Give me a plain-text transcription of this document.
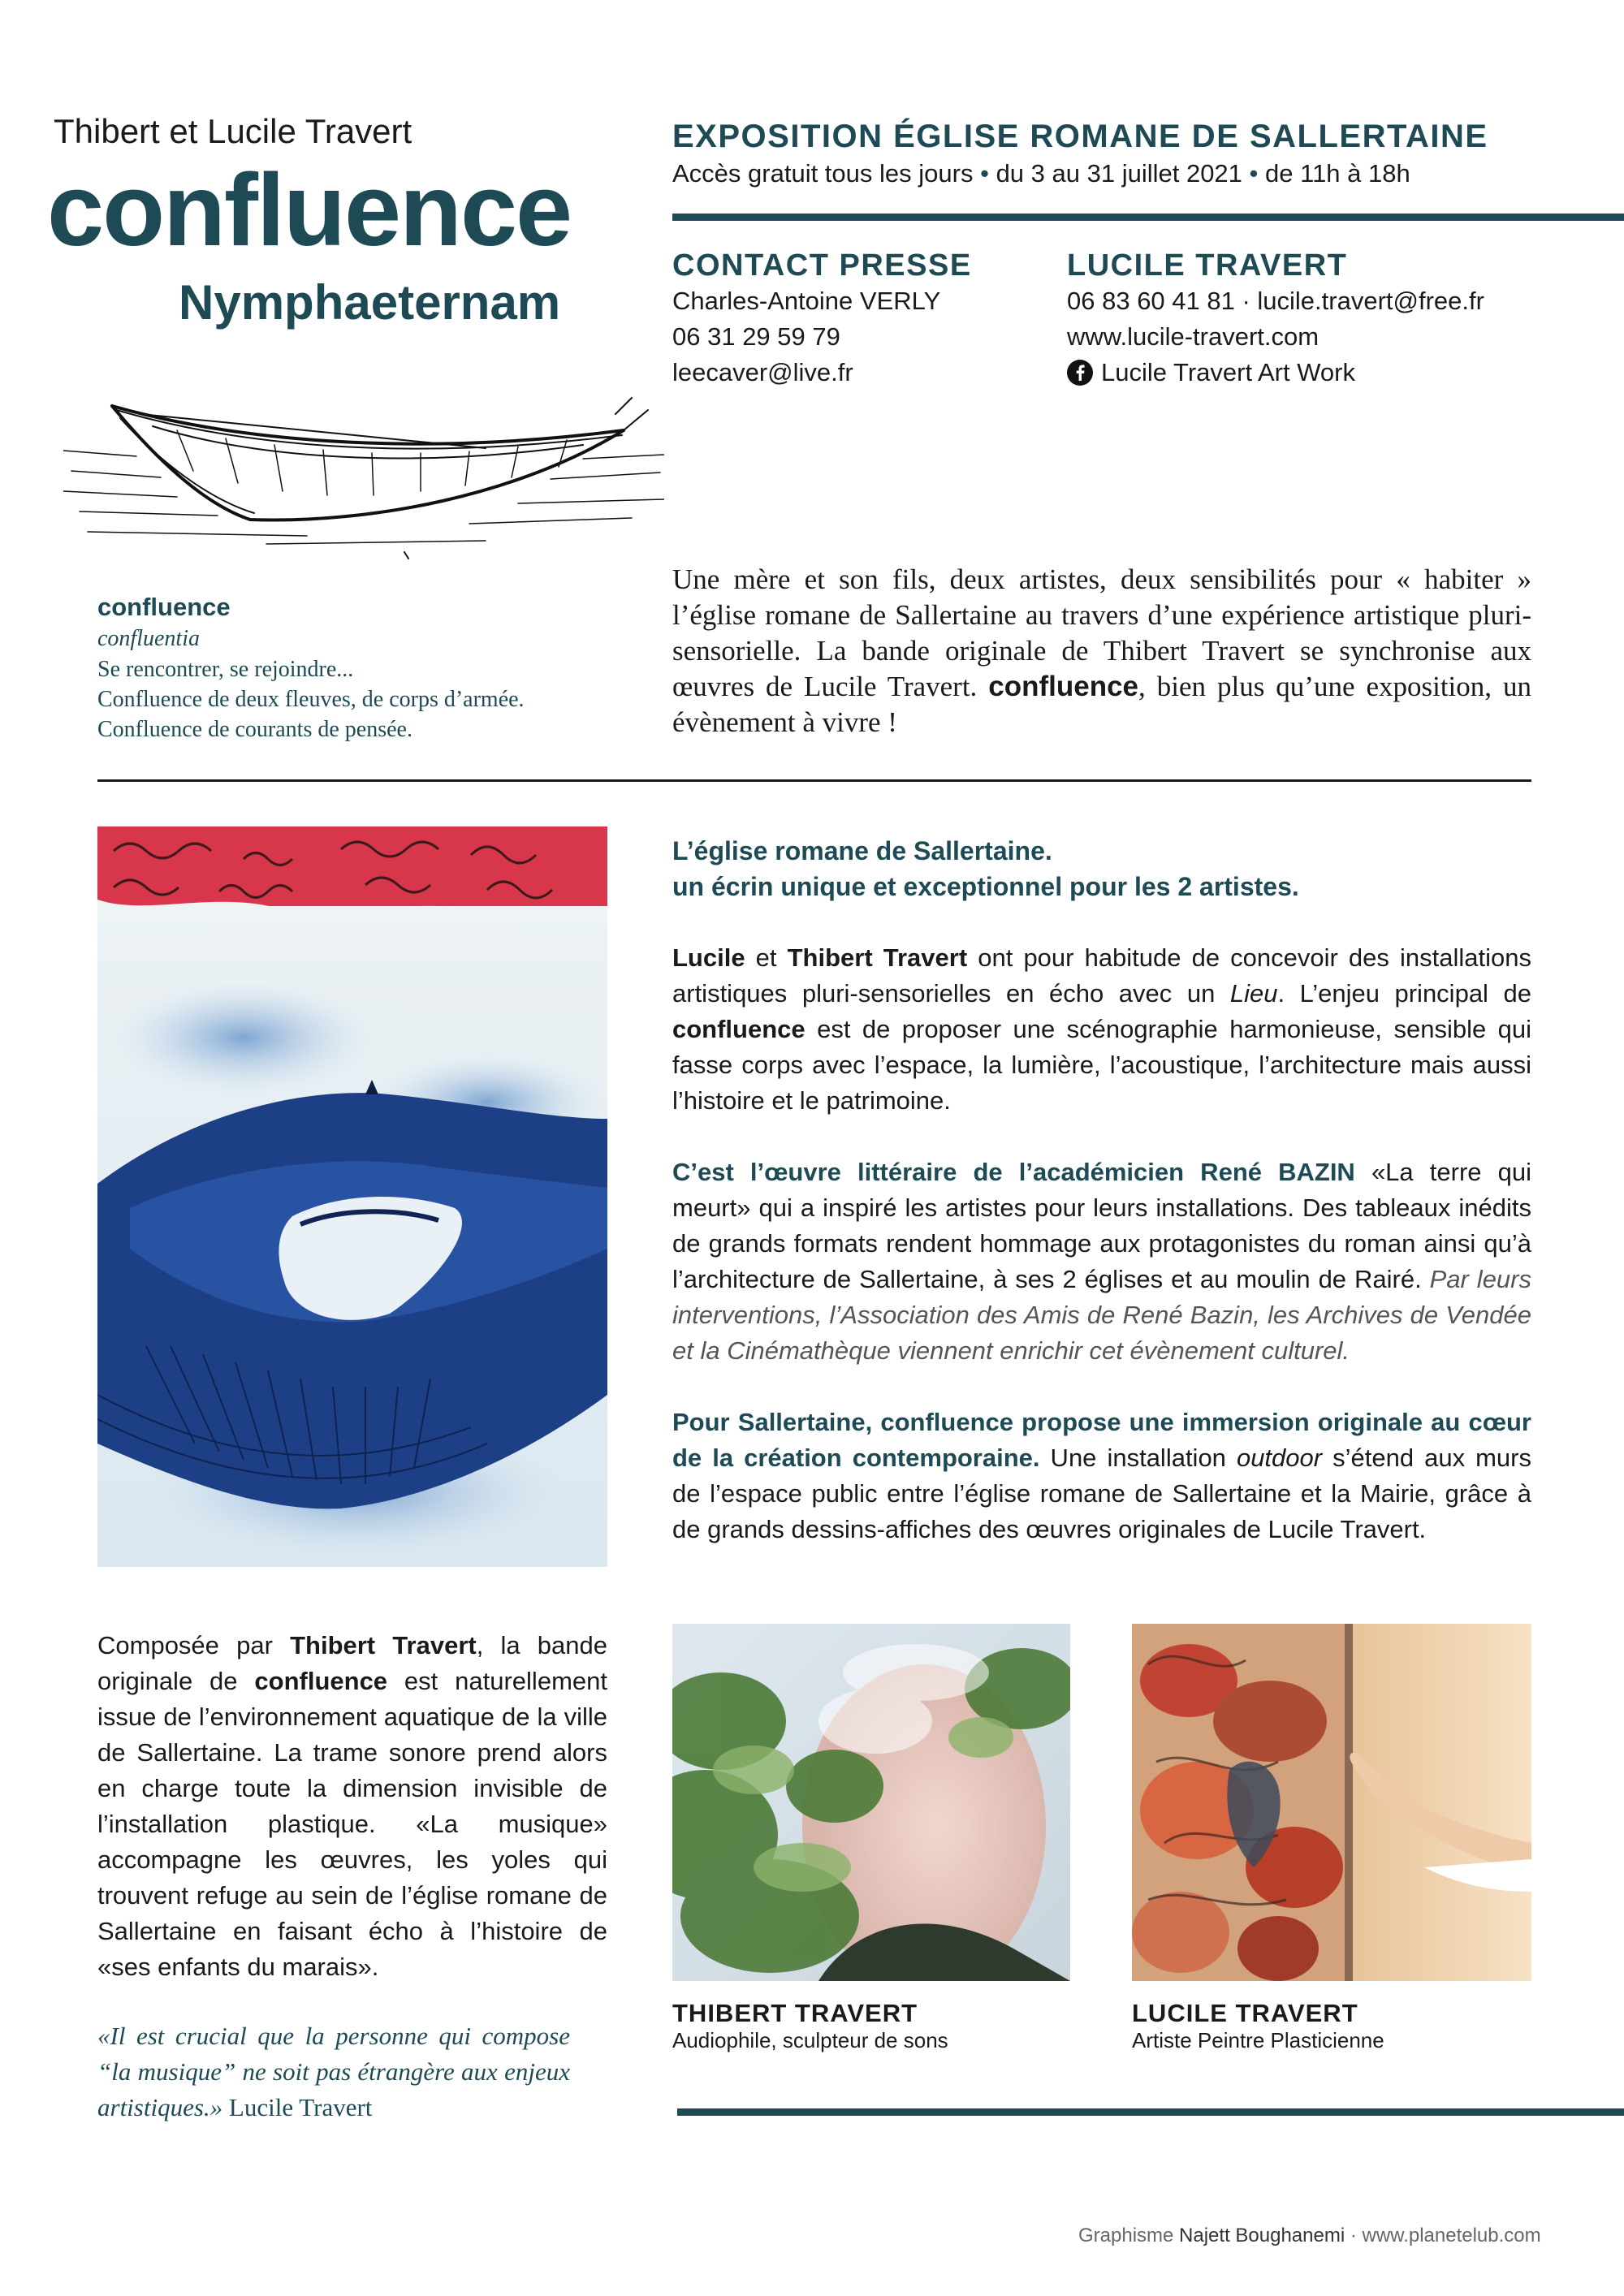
Thibert et Lucile Travert
confluence
Nymphaeternam
confluence
confluentia
Se rencontrer, se rejoindre...
Confluence de deux fleuves, de corps d’armée.
Confluence de courants de pensée.
EXPOSITION ÉGLISE ROMANE DE SALLERTAINE
Accès gratuit tous les jours • du 3 au 31 juillet 2021 • de 11h à 18h
CONTACT PRESSE
Charles-Antoine VERLY
06 31 29 59 79
leecaver@live.fr
LUCILE TRAVERT
06 83 60 41 81 · lucile.travert@free.fr
www.lucile-travert.com
Lucile Travert Art Work
Une mère et son fils, deux artistes, deux sensibilités pour « habiter » l’église romane de Sallertaine au travers d’une expérience artistique pluri-sensorielle. La bande originale de Thibert Travert se synchronise aux œuvres de Lucile Travert. confluence, bien plus qu’une exposition, un évènement à vivre !
L’église romane de Sallertaine.
un écrin unique et exceptionnel pour les 2 artistes.
Lucile et Thibert Travert ont pour habitude de concevoir des installations artistiques pluri-sensorielles en écho avec un Lieu. L’enjeu principal de confluence est de proposer une scénographie harmonieuse, sensible qui fasse corps avec l’espace, la lumière, l’acoustique, l’architecture mais aussi l’histoire et le patrimoine.
C’est l’œuvre littéraire de l’académicien René BAZIN «La terre qui meurt» qui a inspiré les artistes pour leurs installations. Des tableaux inédits de grands formats rendent hommage aux protagonistes du roman ainsi qu’à l’architecture de Sallertaine, à ses 2 églises et au moulin de Rairé. Par leurs interventions, l’Association des Amis de René Bazin, les Archives de Vendée et la Cinémathèque viennent enrichir cet évènement culturel.
Pour Sallertaine, confluence propose une immersion originale au cœur de la création contemporaine. Une installation outdoor s’étend aux murs de l’espace public entre l’église romane de Sallertaine et la Mairie, grâce à de grands dessins-affiches des œuvres originales de Lucile Travert.
Composée par Thibert Travert, la bande originale de confluence est naturellement issue de l’environnement aquatique de la ville de Sallertaine. La trame sonore prend alors en charge toute la dimension invisible de l’installation plastique. «La musique» accompagne les œuvres, les yoles qui trouvent refuge au sein de l’église romane de Sallertaine en faisant écho à l’histoire de «ses enfants du marais».
«Il est crucial que la personne qui compose “la musique” ne soit pas étrangère aux enjeux artistiques.» Lucile Travert
THIBERT TRAVERT
Audiophile, sculpteur de sons
LUCILE TRAVERT
Artiste Peintre Plasticienne
Graphisme Najett Boughanemi · www.planetelub.com
